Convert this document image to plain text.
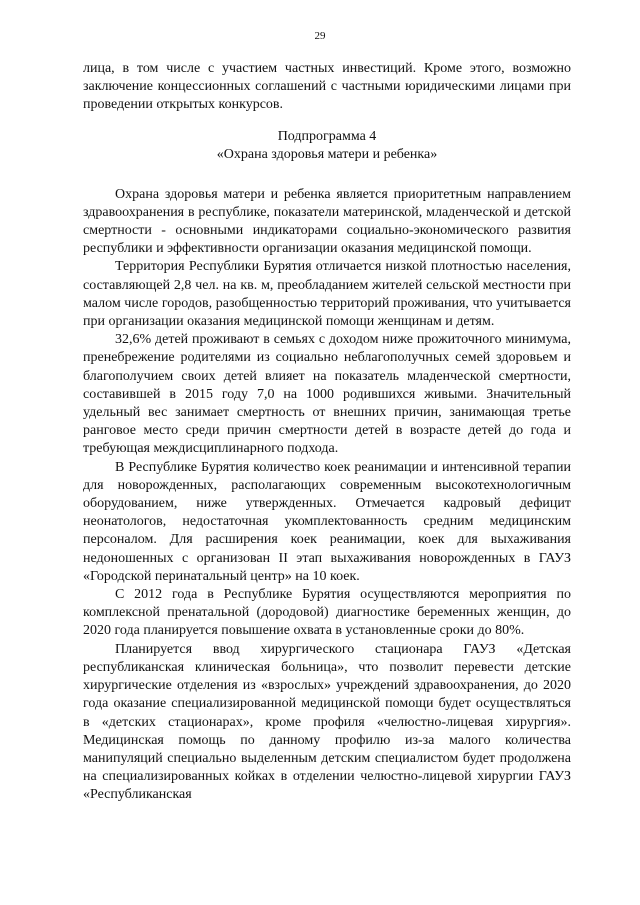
29

лица, в том числе с участием частных инвестиций. Кроме этого, возможно заключение концессионных соглашений с частными юридическими лицами при проведении открытых конкурсов.

Подпрограмма 4
«Охрана здоровья матери и ребенка»

Охрана здоровья матери и ребенка является приоритетным направлением здравоохранения в республике, показатели материнской, младенческой и детской смертности - основными индикаторами социально-экономического развития республики и эффективности организации оказания медицинской помощи.

Территория Республики Бурятия отличается низкой плотностью населения, составляющей 2,8 чел. на кв. м, преобладанием жителей сельской местности при малом числе городов, разобщенностью территорий проживания, что учитывается при организации оказания медицинской помощи женщинам и детям.

32,6% детей проживают в семьях с доходом ниже прожиточного минимума, пренебрежение родителями из социально неблагополучных семей здоровьем и благополучием своих детей влияет на показатель младенческой смертности, составившей в 2015 году 7,0 на 1000 родившихся живыми. Значительный удельный вес занимает смертность от внешних причин, занимающая третье ранговое место среди причин смертности детей в возрасте детей до года и требующая междисциплинарного подхода.

В Республике Бурятия количество коек реанимации и интенсивной терапии для новорожденных, располагающих современным высокотехнологичным оборудованием, ниже утвержденных. Отмечается кадровый дефицит неонатологов, недостаточная укомплектованность средним медицинским персоналом. Для расширения коек реанимации, коек для выхаживания недоношенных с организован II этап выхаживания новорожденных в ГАУЗ «Городской перинатальный центр» на 10 коек.

С 2012 года в Республике Бурятия осуществляются мероприятия по комплексной пренатальной (дородовой) диагностике беременных женщин, до 2020 года планируется повышение охвата в установленные сроки до 80%.

Планируется ввод хирургического стационара ГАУЗ «Детская республиканская клиническая больница», что позволит перевести детские хирургические отделения из «взрослых» учреждений здравоохранения, до 2020 года оказание специализированной медицинской помощи будет осуществляться в «детских стационарах», кроме профиля «челюстно-лицевая хирургия». Медицинская помощь по данному профилю из-за малого количества манипуляций специально выделенным детским специалистом будет продолжена на специализированных койках в отделении челюстно-лицевой хирургии ГАУЗ «Республиканская
